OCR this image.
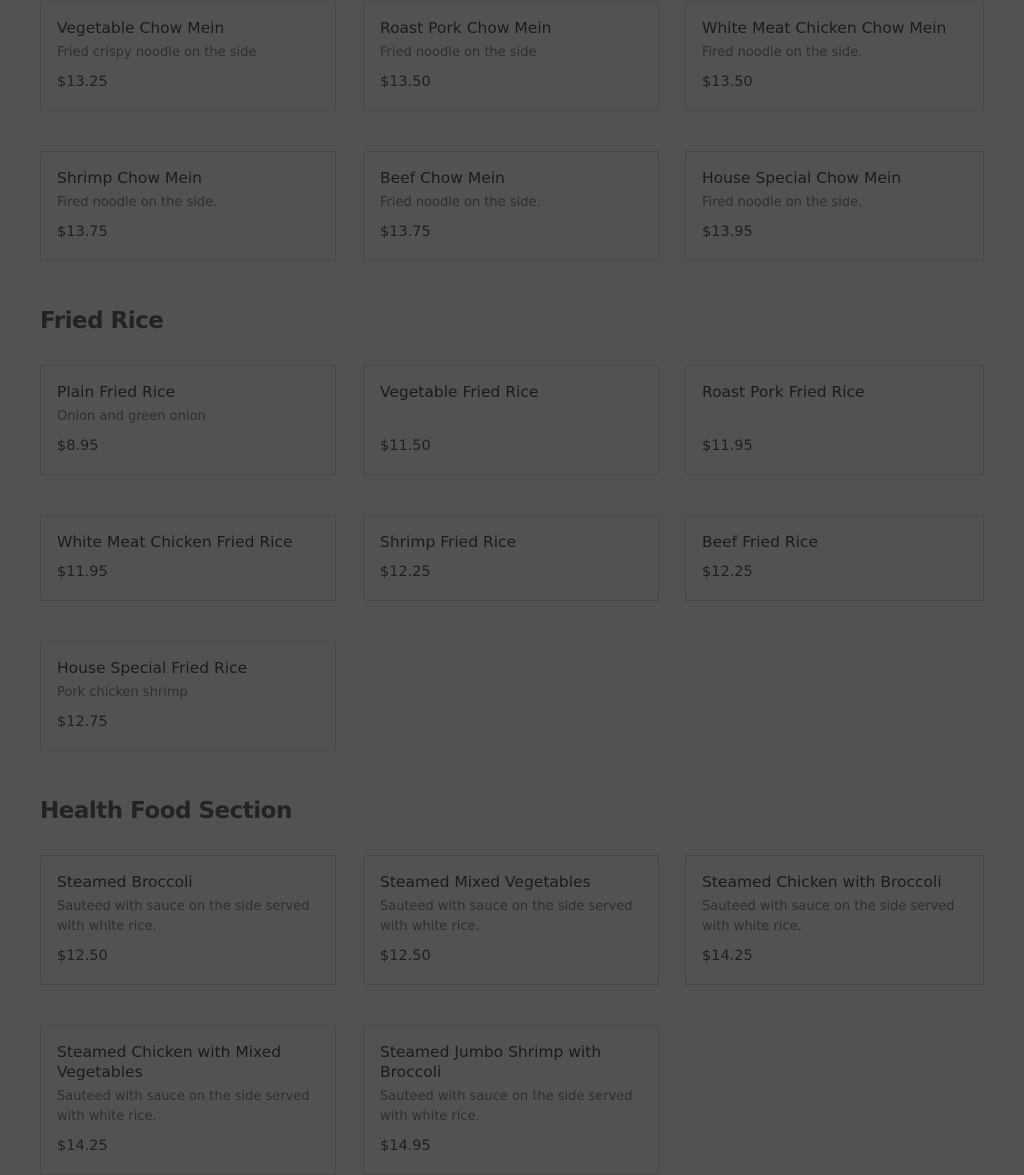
Vegetable Chow Mein
Fried crispy noodle on the side
$13.25
Roast Pork Chow Mein
Fried noodle on the side
$13.50
White Meat Chicken Chow Mein
Fired noodle on the side.
$13.50
Shrimp Chow Mein
Fired noodle on the side.
$13.75
Beef Chow Mein
Fried noodle on the side.
$13.75
House Special Chow Mein
Fired noodle on the side.
$13.95
Fried Rice
Plain Fried Rice
Onion and green onion
$8.95
Vegetable Fried Rice
$11.50
Roast Pork Fried Rice
$11.95
White Meat Chicken Fried Rice
$11.95
Shrimp Fried Rice
$12.25
Beef Fried Rice
$12.25
House Special Fried Rice
Pork chicken shrimp
$12.75
Health Food Section
Steamed Broccoli
Sauteed with sauce on the side served with white rice.
$12.50
Steamed Mixed Vegetables
Sauteed with sauce on the side served with white rice.
$12.50
Steamed Chicken with Broccoli
Sauteed with sauce on the side served with white rice.
$14.25
Steamed Chicken with Mixed Vegetables
Sauteed with sauce on the side served with white rice.
$14.25
Steamed Jumbo Shrimp with Broccoli
Sauteed with sauce on the side served with white rice.
$14.95
